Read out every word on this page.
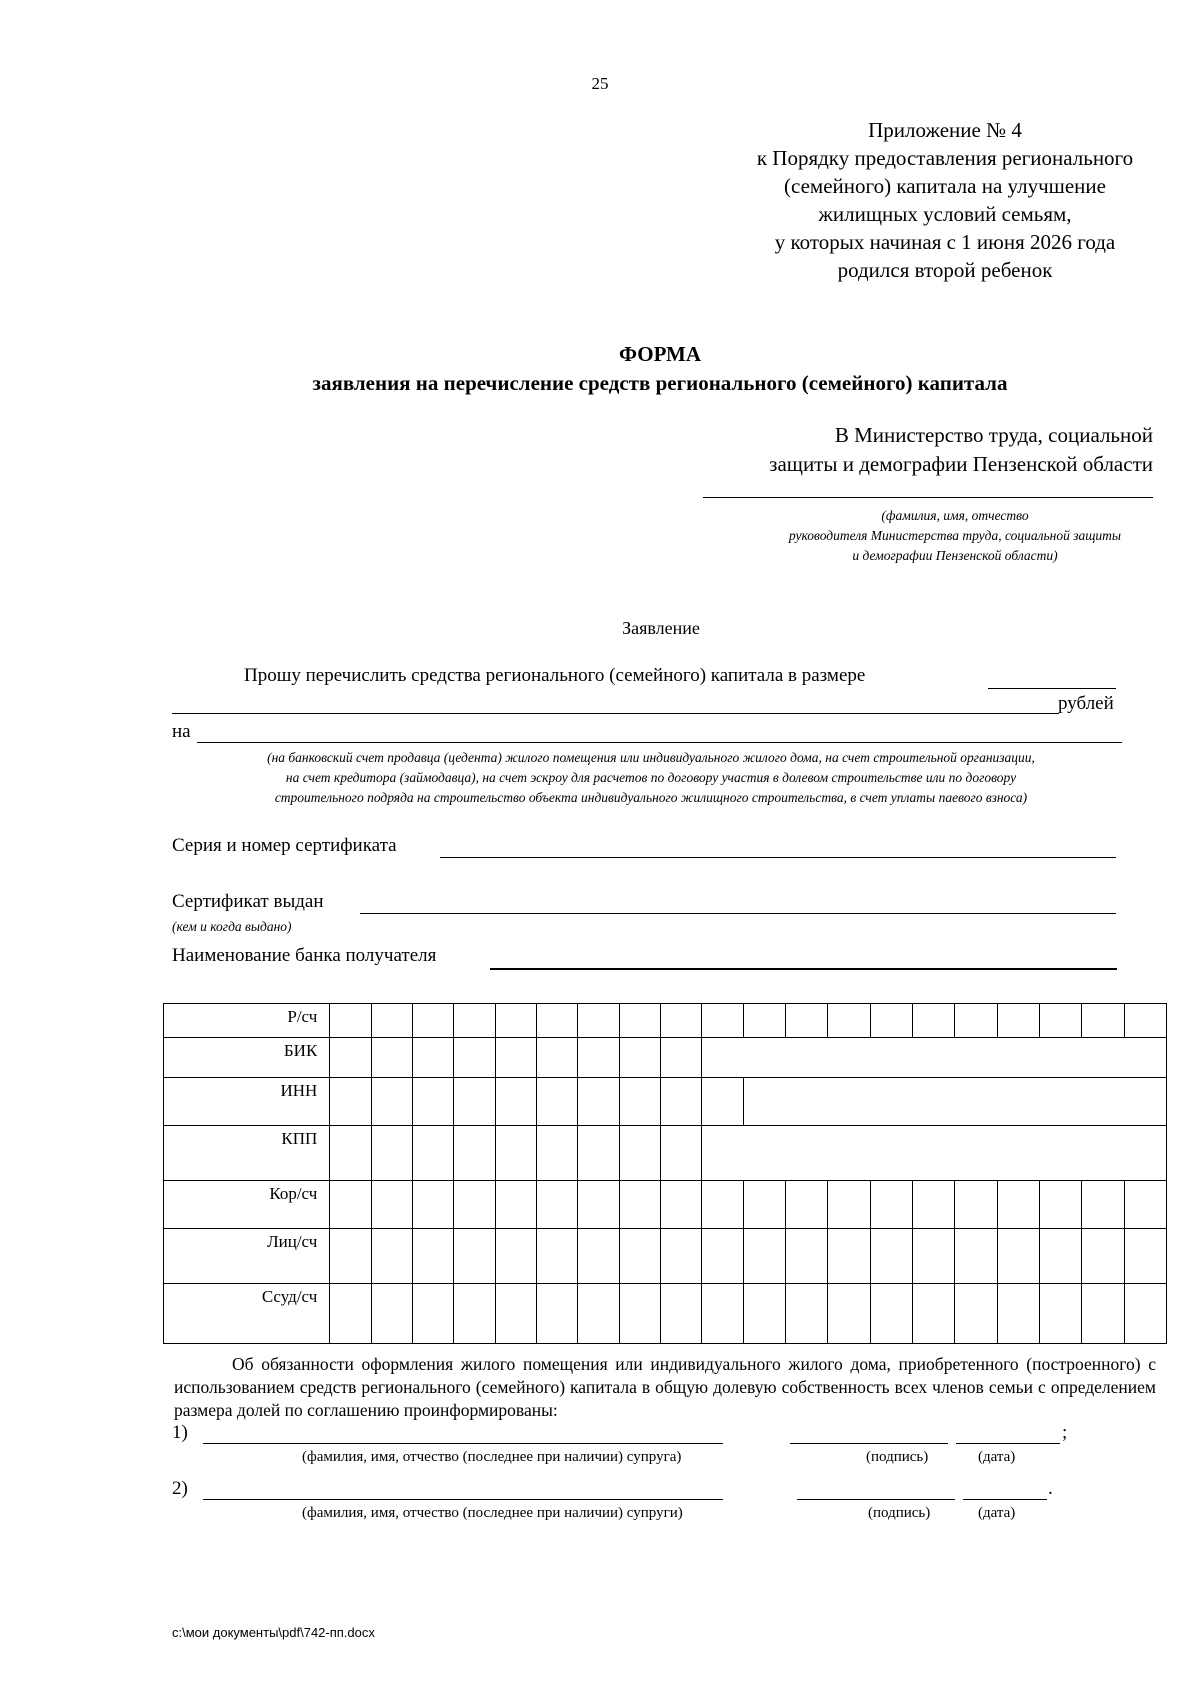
25
Приложение № 4
к Порядку предоставления регионального
(семейного) капитала на улучшение
жилищных условий семьям,
у которых начиная с 1 июня 2026 года
родился второй ребенок
ФОРМА
заявления на перечисление средств регионального (семейного) капитала
В Министерство труда, социальной
защиты и демографии Пензенской области
(фамилия, имя, отчество
руководителя Министерства труда, социальной защиты
и демографии Пензенской области)
Заявление
Прошу перечислить средства регионального (семейного) капитала в размере
рублей
на
(на банковский счет продавца (цедента) жилого помещения или индивидуального жилого дома, на счет строительной организации,
на счет кредитора (займодавца), на счет эскроу для расчетов по договору участия в долевом строительстве или по договору
строительного подряда на строительство объекта индивидуального жилищного строительства, в счет уплаты паевого взноса)
Серия и номер сертификата
Сертификат выдан
(кем и когда выдано)
Наименование банка получателя
Р/сч																				
БИК																				
ИНН																				
КПП																				
Кор/сч																				
Лиц/сч																				
Ссуд/сч																				
Об обязанности оформления жилого помещения или индивидуального жилого дома, приобретенного (построенного) с использованием средств регионального (семейного) капитала в общую долевую собственность всех членов семьи с определением размера долей по соглашению проинформированы:
1)	;
(фамилия, имя, отчество (последнее при наличии) супруга)	(подпись)	(дата)
2)	.
(фамилия, имя, отчество (последнее при наличии) супруги)	(подпись)	(дата)
c:\мои документы\pdf\742-пп.docx
